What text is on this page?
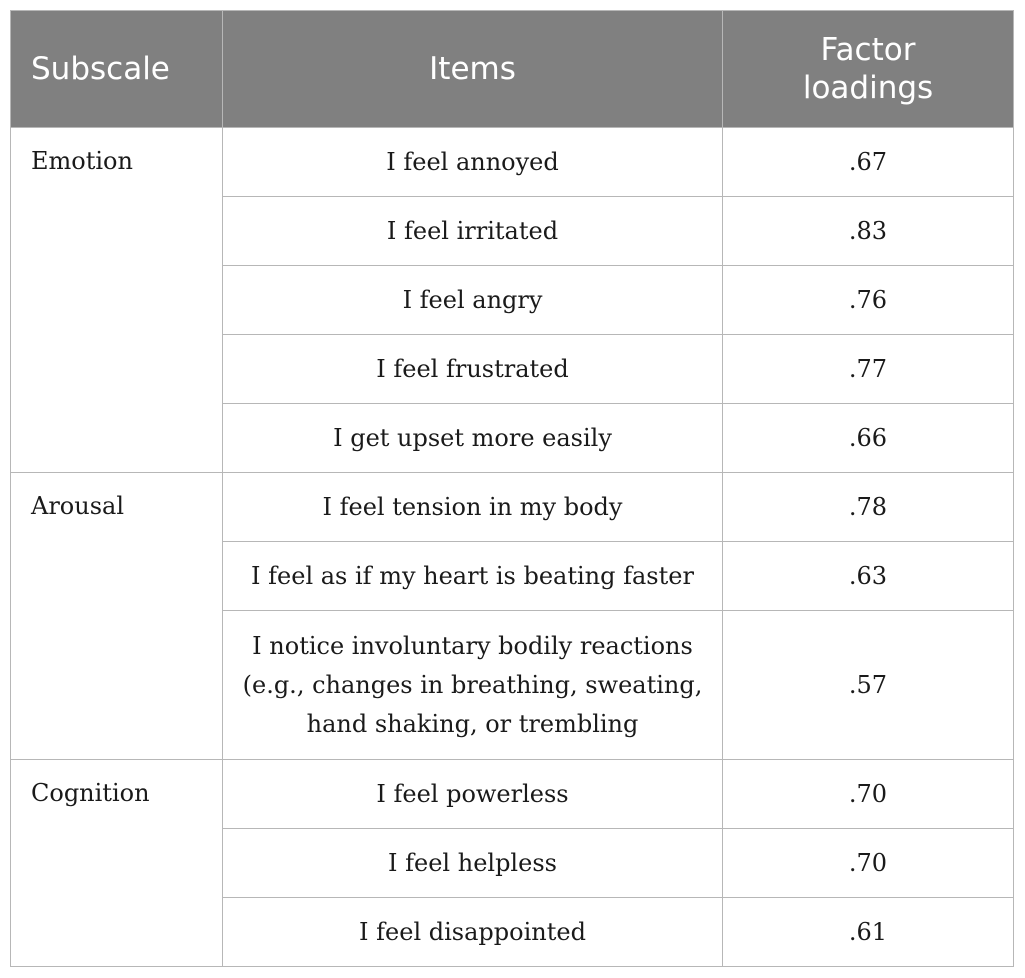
Subscale	Items	Factor
loadings
Emotion	I feel annoyed	.67
	I feel irritated	.83
	I feel angry	.76
	I feel frustrated	.77
	I get upset more easily	.66
Arousal	I feel tension in my body	.78
	I feel as if my heart is beating faster	.63
	I notice involuntary bodily reactions
(e.g., changes in breathing, sweating,
hand shaking, or trembling	.57
Cognition	I feel powerless	.70
	I feel helpless	.70
	I feel disappointed	.61
